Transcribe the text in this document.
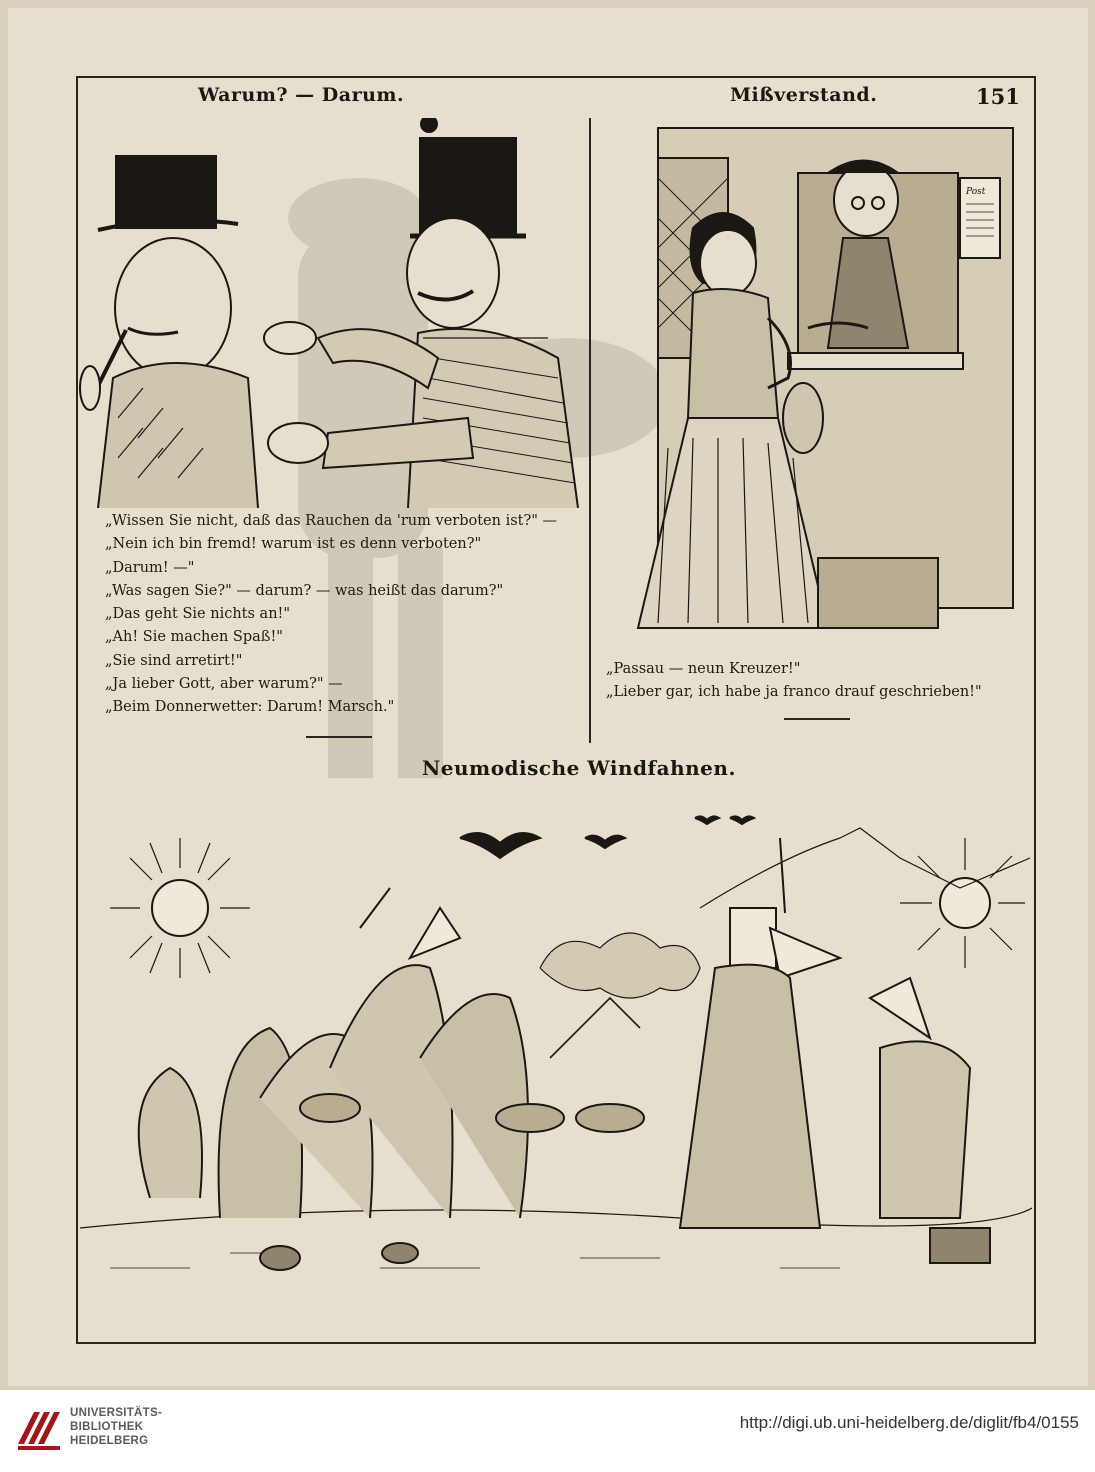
Warum? — Darum.	Mißverstand.	151
„Wissen Sie nicht, daß das Rauchen da 'rum verboten ist?" —
„Nein ich bin fremd! warum ist es denn verboten?"
„Darum! —"
„Was sagen Sie?" — darum? — was heißt das darum?"
„Das geht Sie nichts an!"
„Ah! Sie machen Spaß!"
„Sie sind arretirt!"
„Ja lieber Gott, aber warum?" —
„Beim Donnerwetter: Darum! Marsch."
Post
„Passau — neun Kreuzer!"
„Lieber gar, ich habe ja franco drauf geschrieben!"
Neumodische Windfahnen.

UNIVERSITÄTS-
BIBLIOTHEK
HEIDELBERG
http://digi.ub.uni-heidelberg.de/diglit/fb4/0155
